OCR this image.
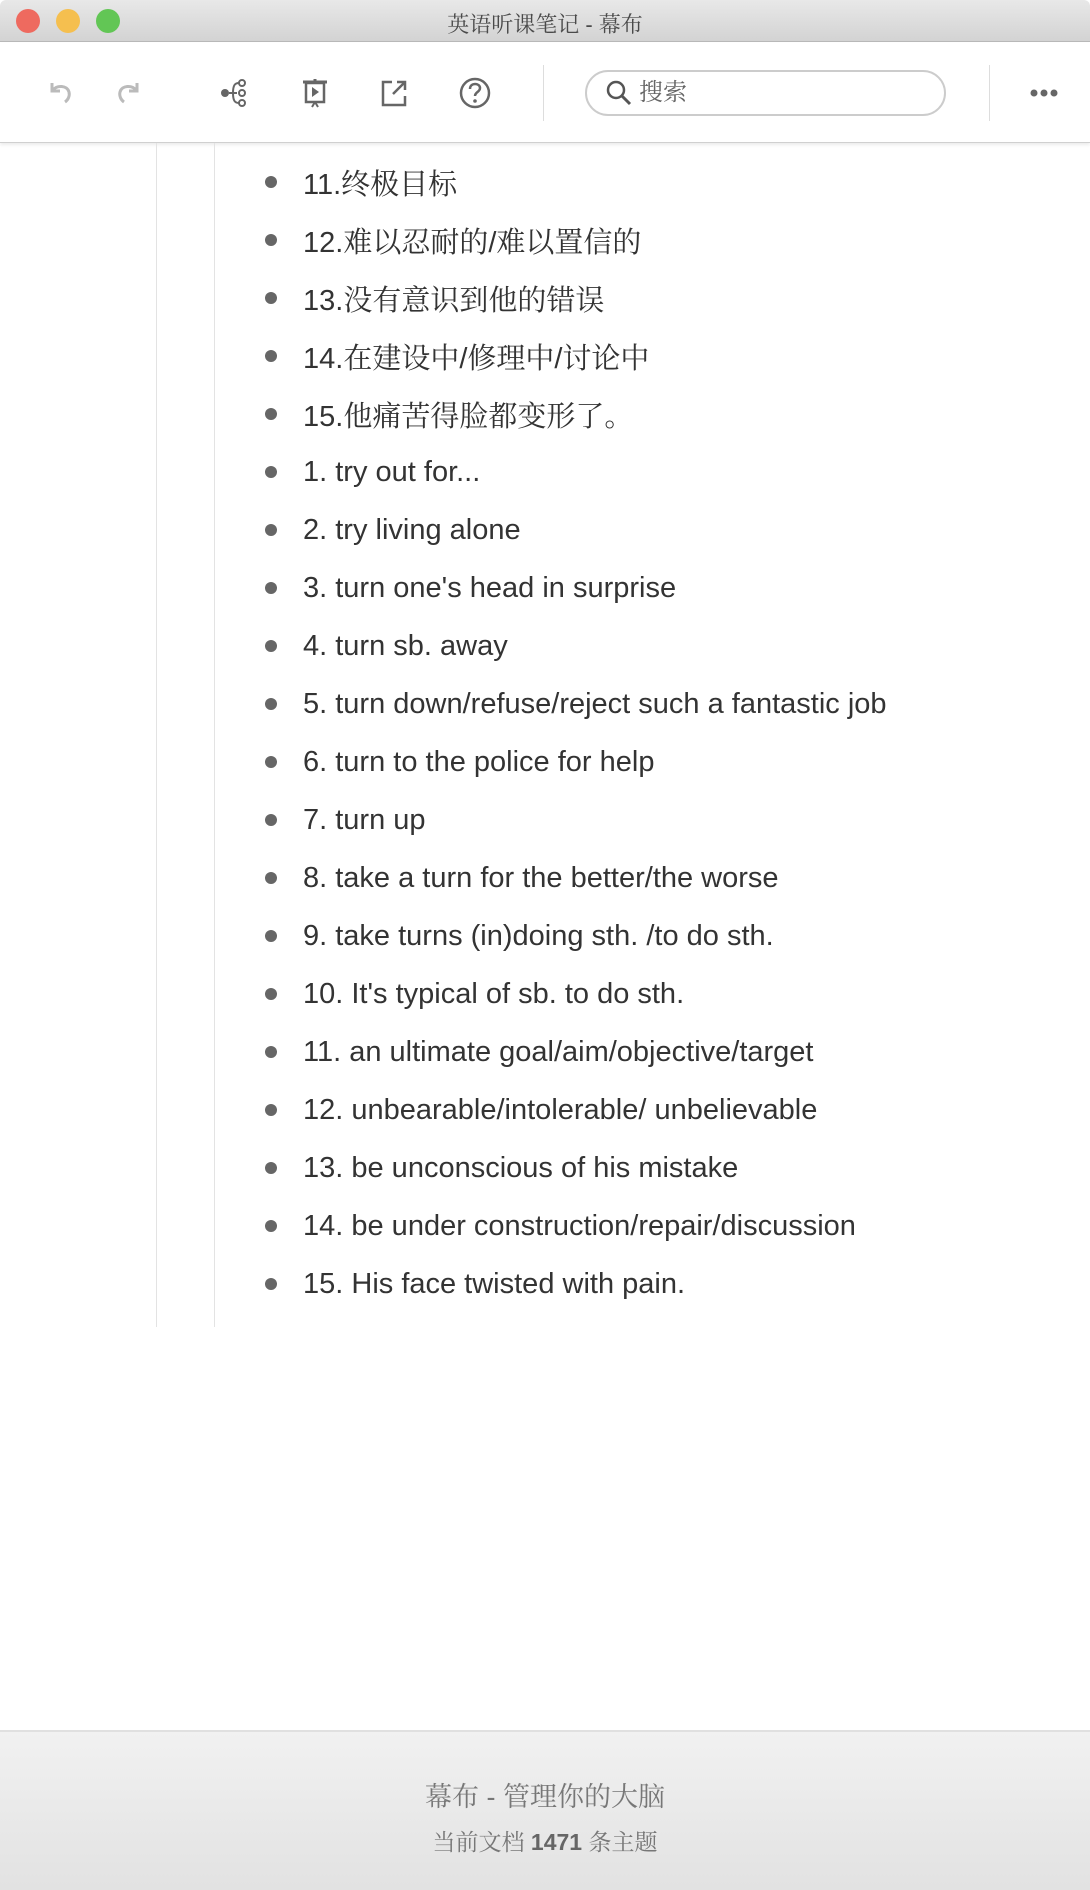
英语听课笔记 - 幕布
搜索
11.终极目标
12.难以忍耐的/难以置信的
13.没有意识到他的错误
14.在建设中/修理中/讨论中
15.他痛苦得脸都变形了。
1. try out for...
2. try living alone
3. turn one's head in surprise
4. turn sb. away
5. turn down/refuse/reject such a fantastic job
6. turn to the police for help
7. turn up
8. take a turn for the better/the worse
9. take turns (in)doing sth. /to do sth.
10. It's typical of sb. to do sth.
11. an ultimate goal/aim/objective/target
12. unbearable/intolerable/ unbelievable
13. be unconscious of his mistake
14. be under construction/repair/discussion
15. His face twisted with pain.
幕布 - 管理你的大脑
当前文档 1471 条主题
